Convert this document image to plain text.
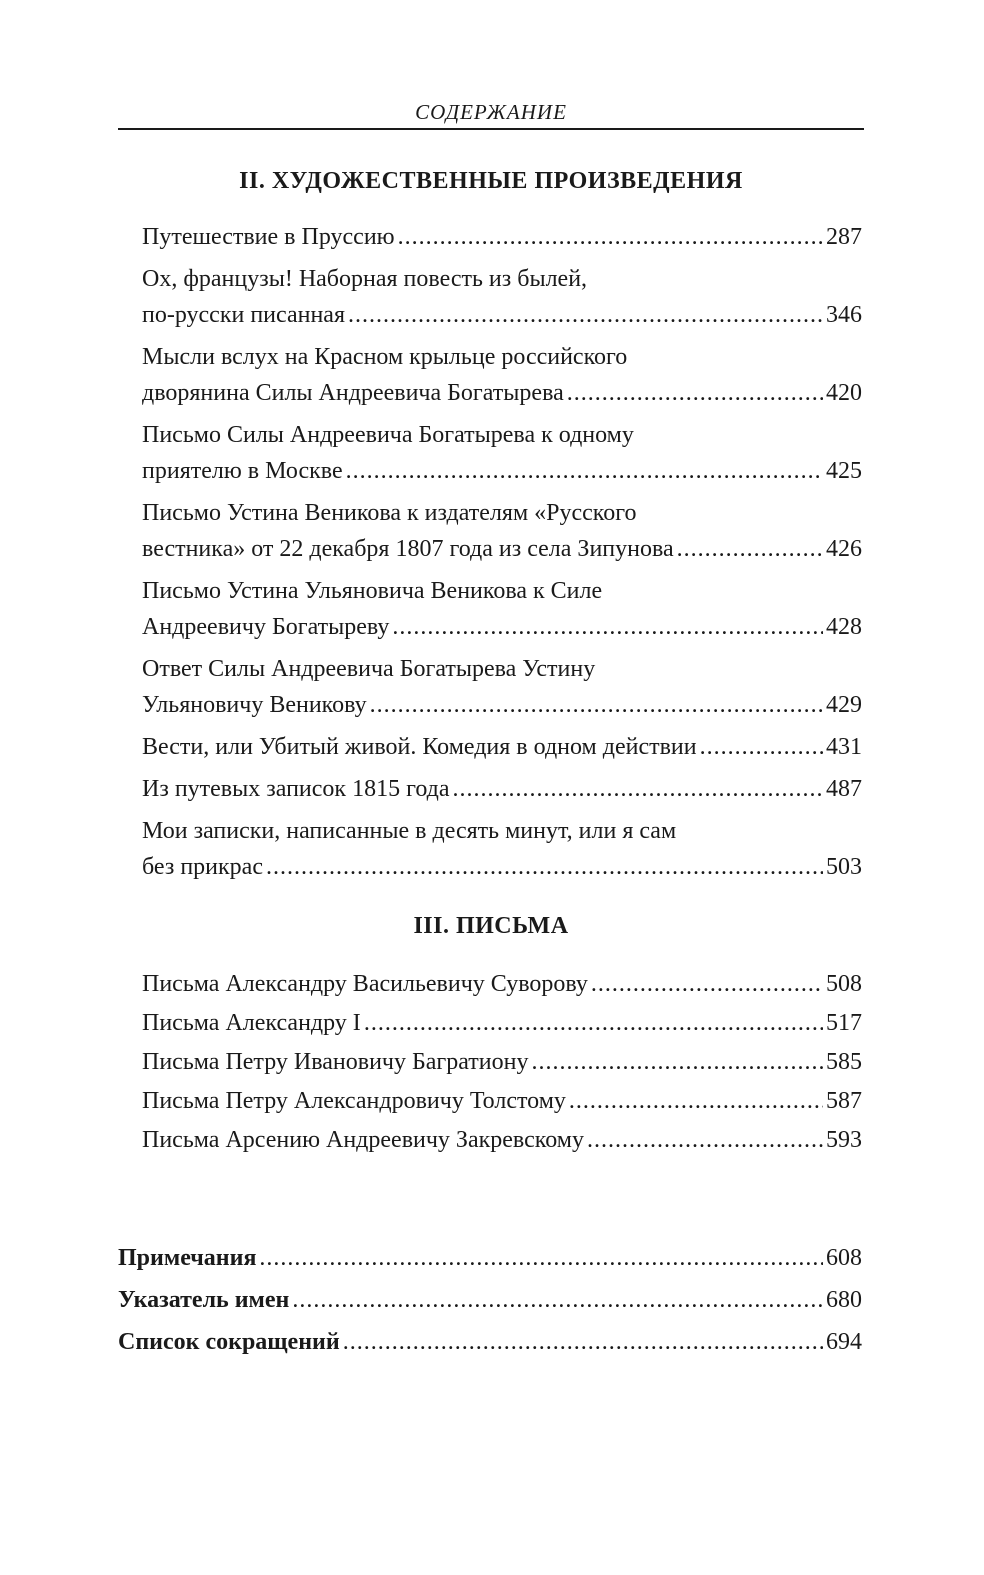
СОДЕРЖАНИЕ
II. ХУДОЖЕСТВЕННЫЕ ПРОИЗВЕДЕНИЯ
Путешествие в Пруссию .....	287
Ох, французы! Наборная повесть из былей,
по-русски писанная .....	346
Мысли вслух на Красном крыльце российского
дворянина Силы Андреевича Богатырева .....	420
Письмо Силы Андреевича Богатырева к одному
приятелю в Москве .....	425
Письмо Устина Веникова к издателям «Русского
вестника» от 22 декабря 1807 года из села Зипунова .....	426
Письмо Устина Ульяновича Веникова к Силе
Андреевичу Богатыреву .....	428
Ответ Силы Андреевича Богатырева Устину
Ульяновичу Веникову .....	429
Вести, или Убитый живой. Комедия в одном действии .....	431
Из путевых записок 1815 года .....	487
Мои записки, написанные в десять минут, или я сам
без прикрас .....	503
III. ПИСЬМА
Письма Александру Васильевичу Суворову .....	508
Письма Александру I .....	517
Письма Петру Ивановичу Багратиону .....	585
Письма Петру Александровичу Толстому .....	587
Письма Арсению Андреевичу Закревскому .....	593
Примечания .....	608
Указатель имен .....	680
Список сокращений .....	694
